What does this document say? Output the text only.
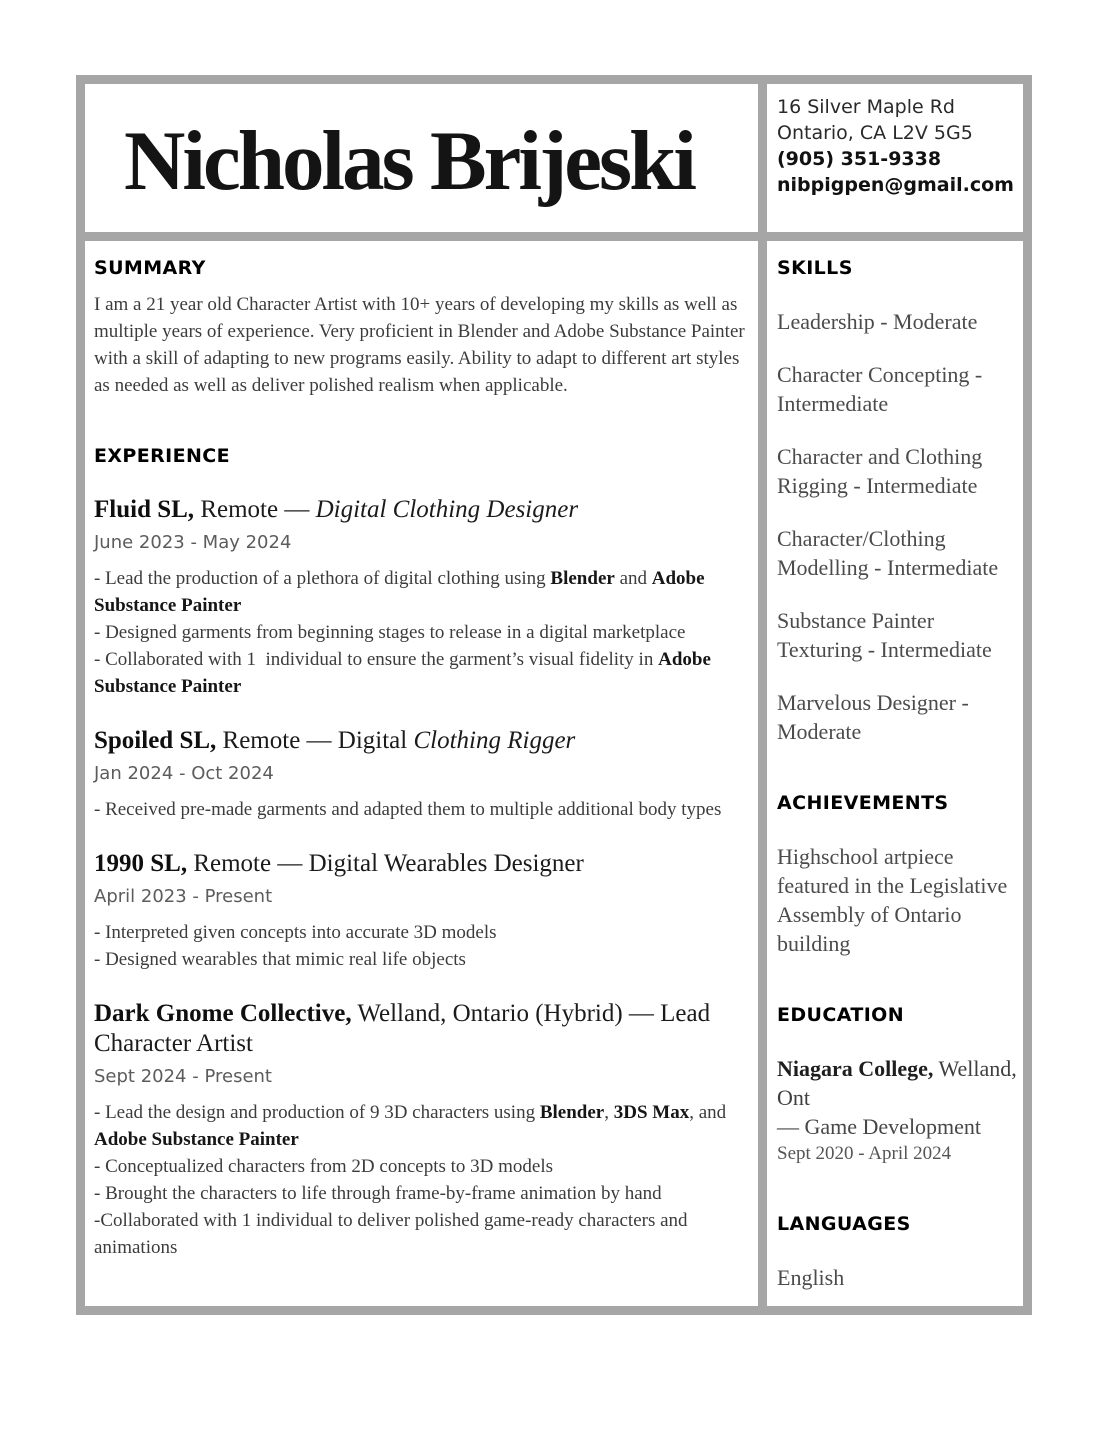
Nicholas Brijeski
16 Silver Maple Rd
Ontario, CA L2V 5G5
(905) 351-9338
nibpigpen@gmail.com
SUMMARY

I am a 21 year old Character Artist with 10+ years of developing my skills as well as multiple years of experience. Very proficient in Blender and Adobe Substance Painter with a skill of adapting to new programs easily. Ability to adapt to different art styles as needed as well as deliver polished realism when applicable.

EXPERIENCE
Fluid SL, Remote — Digital Clothing Designer

June 2023 - May 2024

- Lead the production of a plethora of digital clothing using Blender and Adobe Substance Painter

- Designed garments from beginning stages to release in a digital marketplace

- Collaborated with 1  individual to ensure the garment’s visual fidelity in Adobe Substance Painter

Spoiled SL, Remote — Digital Clothing Rigger

Jan 2024 - Oct 2024

- Received pre-made garments and adapted them to multiple additional body types

1990 SL, Remote — Digital Wearables Designer

April 2023 - Present

- Interpreted given concepts into accurate 3D models

- Designed wearables that mimic real life objects

Dark Gnome Collective, Welland, Ontario (Hybrid) — Lead Character Artist

Sept 2024 - Present

- Lead the design and production of 9 3D characters using Blender, 3DS Max, and Adobe Substance Painter

- Conceptualized characters from 2D concepts to 3D models

- Brought the characters to life through frame-by-frame animation by hand

-Collaborated with 1 individual to deliver polished game-ready characters and animations

SKILLS

Leadership - Moderate

Character Concepting - Intermediate

Character and Clothing Rigging - Intermediate

Character/Clothing Modelling - Intermediate

Substance Painter Texturing - Intermediate

Marvelous Designer - Moderate

ACHIEVEMENTS

Highschool artpiece featured in the Legislative Assembly of Ontario building

EDUCATION

Niagara College, Welland, Ont

— Game Development

Sept 2020 - April 2024

LANGUAGES

English
